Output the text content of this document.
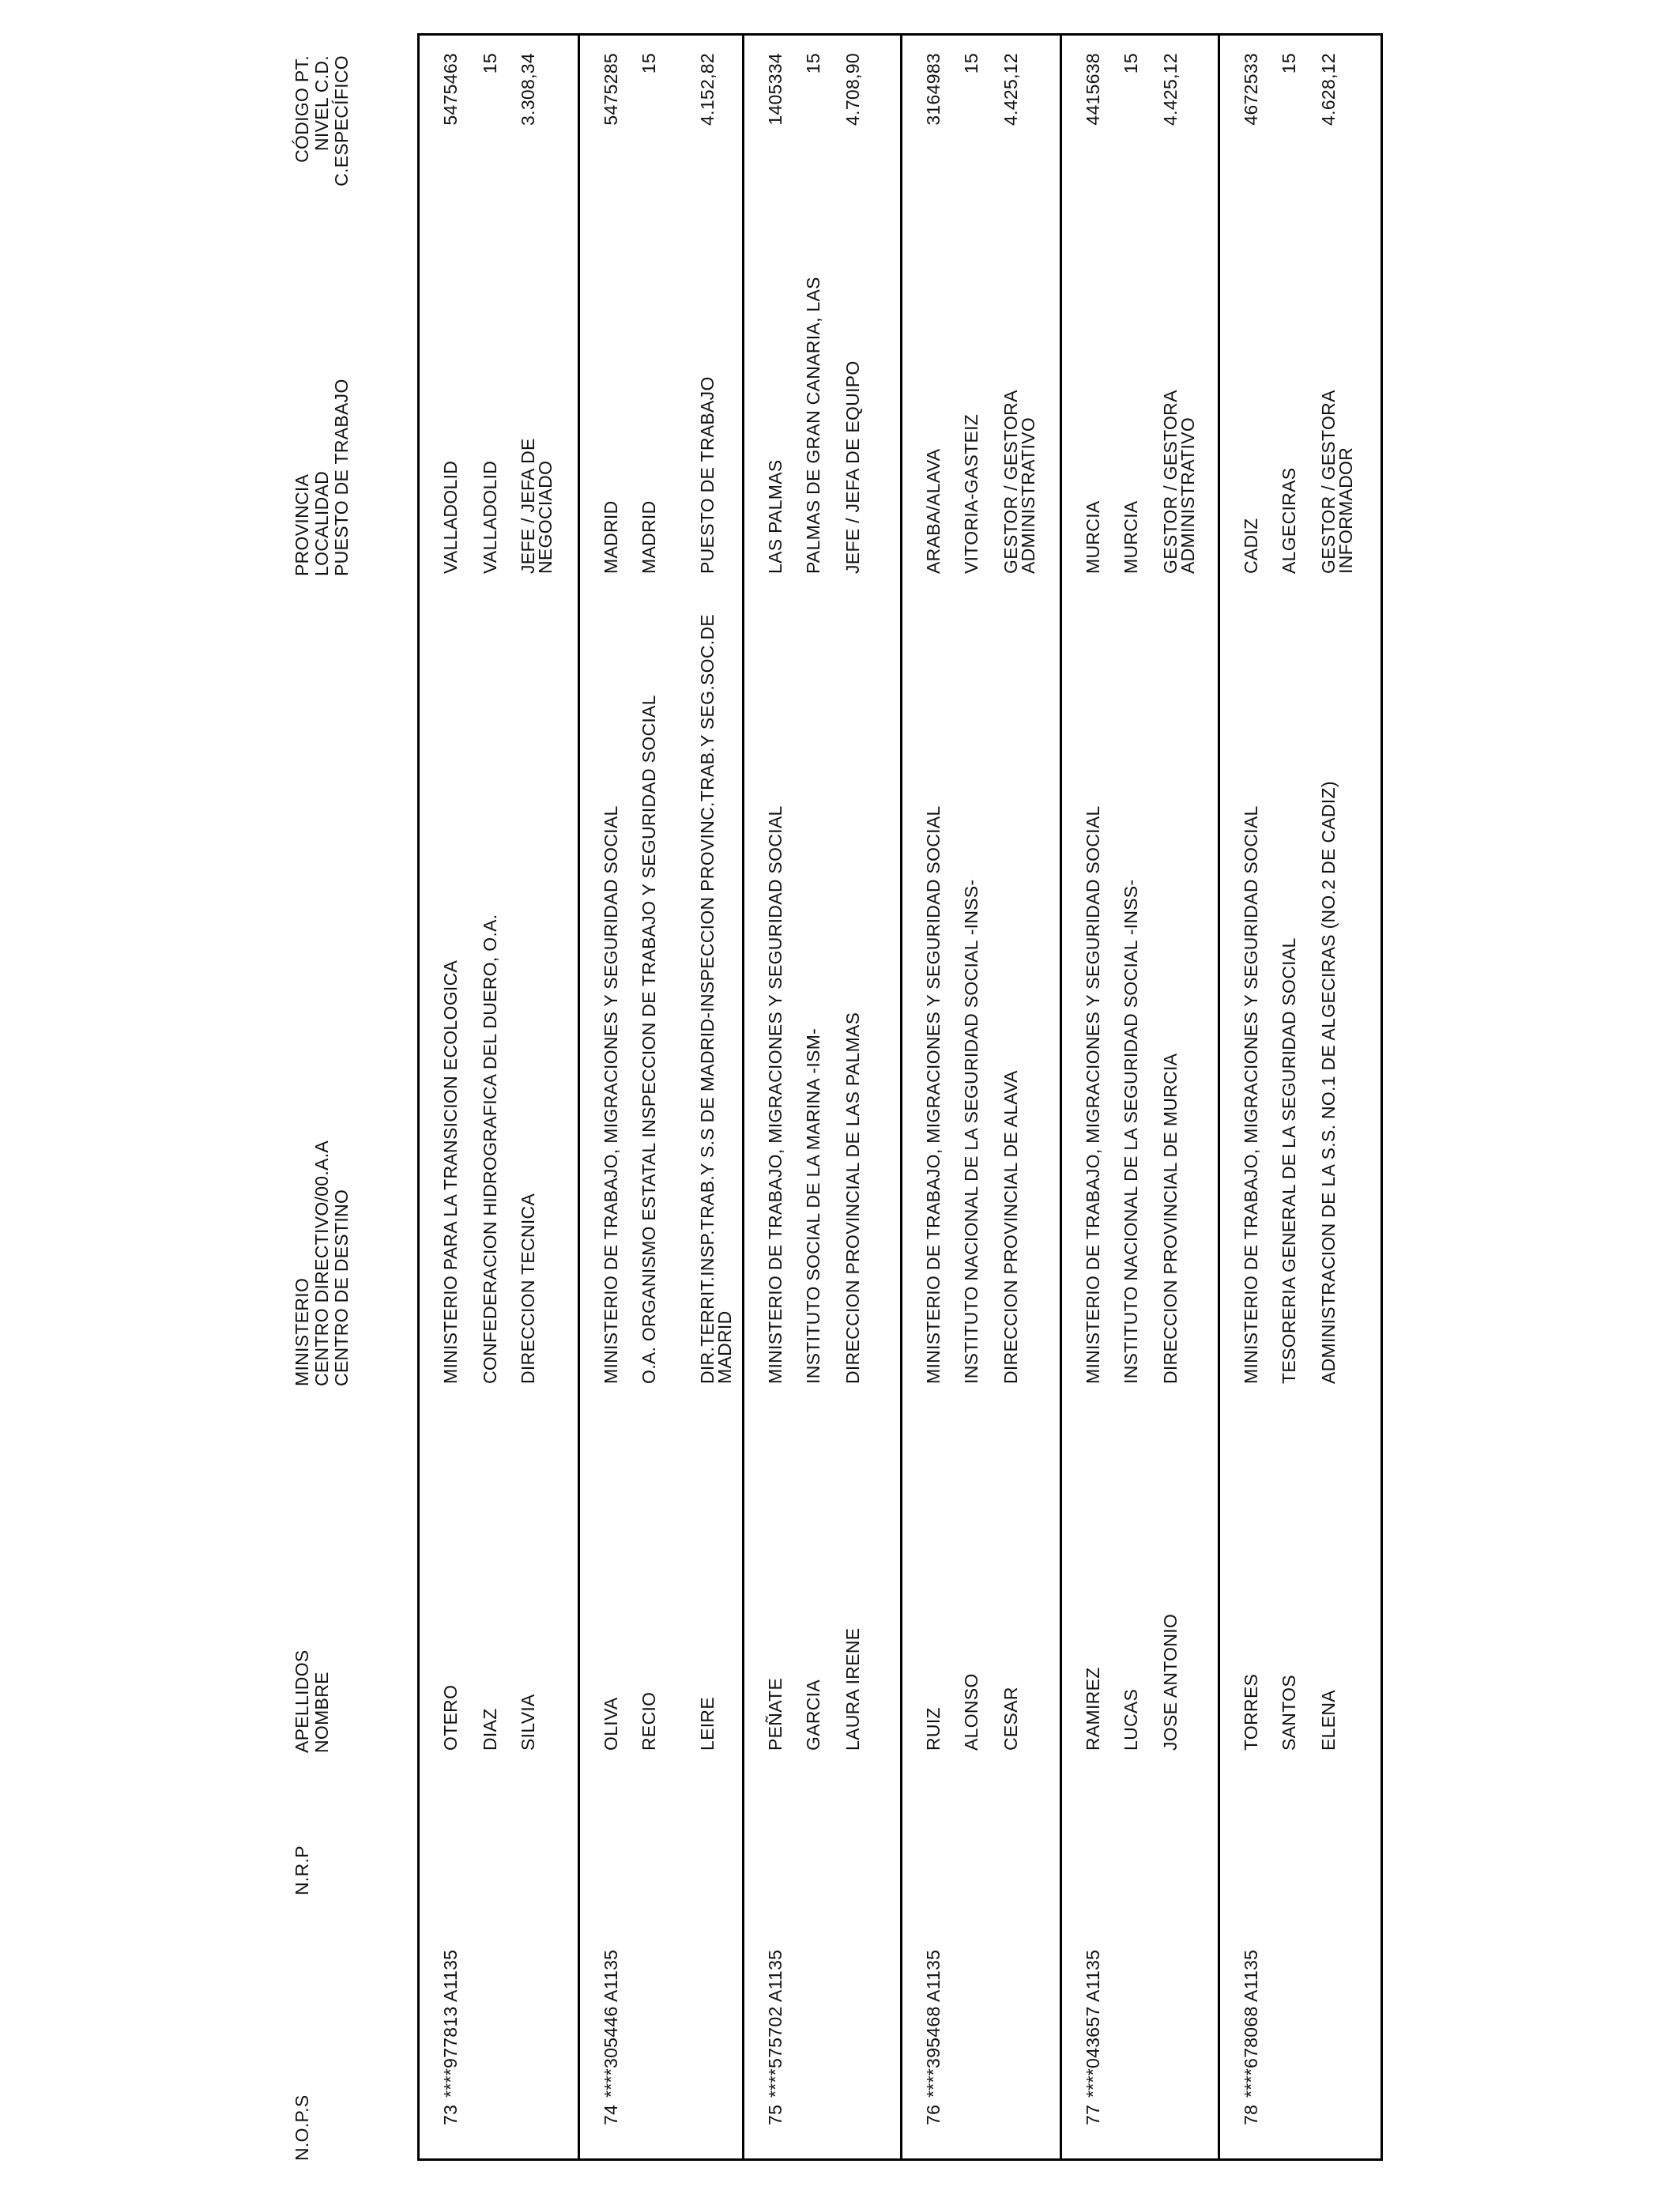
N.O.P.S
N.R.P
APELLIDOS NOMBRE
MINISTERIO CENTRO DIRECTIVO/00.A.A CENTRO DE DESTINO
PROVINCIA LOCALIDAD PUESTO DE TRABAJO
CÓDIGO PT. NIVEL C.D. C.ESPECÍFICO
73
****977813 A1135
OTERO DIAZ SILVIA
MINISTERIO PARA LA TRANSICION ECOLOGICA CONFEDERACION HIDROGRAFICA DEL DUERO, O.A. DIRECCION TECNICA
VALLADOLID VALLADOLID JEFE / JEFA DE NEGOCIADO
5475463 15 3.308,34
74
****305446 A1135
OLIVA RECIO LEIRE
MINISTERIO DE TRABAJO, MIGRACIONES Y SEGURIDAD SOCIAL O.A. ORGANISMO ESTATAL INSPECCION DE TRABAJO Y SEGURIDAD SOCIAL DIR.TERRIT.INSP.TRAB.Y S.S DE MADRID-INSPECCION PROVINC.TRAB.Y SEG.SOC.DE MADRID
MADRID MADRID PUESTO DE TRABAJO
5475285 15 4.152,82
75
****575702 A1135
PEÑATE GARCIA LAURA IRENE
MINISTERIO DE TRABAJO, MIGRACIONES Y SEGURIDAD SOCIAL INSTITUTO SOCIAL DE LA MARINA -ISM- DIRECCION PROVINCIAL DE LAS PALMAS
LAS PALMAS PALMAS DE GRAN CANARIA, LAS JEFE / JEFA DE EQUIPO
1405334 15 4.708,90
76
****395468 A1135
RUIZ ALONSO CESAR
MINISTERIO DE TRABAJO, MIGRACIONES Y SEGURIDAD SOCIAL INSTITUTO NACIONAL DE LA SEGURIDAD SOCIAL -INSS- DIRECCION PROVINCIAL DE ALAVA
ARABA/ALAVA VITORIA-GASTEIZ GESTOR / GESTORA ADMINISTRATIVO
3164983 15 4.425,12
77
****043657 A1135
RAMIREZ LUCAS JOSE ANTONIO
MINISTERIO DE TRABAJO, MIGRACIONES Y SEGURIDAD SOCIAL INSTITUTO NACIONAL DE LA SEGURIDAD SOCIAL -INSS- DIRECCION PROVINCIAL DE MURCIA
MURCIA MURCIA GESTOR / GESTORA ADMINISTRATIVO
4415638 15 4.425,12
78
****678068 A1135
TORRES SANTOS ELENA
MINISTERIO DE TRABAJO, MIGRACIONES Y SEGURIDAD SOCIAL TESORERIA GENERAL DE LA SEGURIDAD SOCIAL ADMINISTRACION DE LA S.S. NO.1 DE ALGECIRAS (NO.2 DE CADIZ)
CADIZ ALGECIRAS GESTOR / GESTORA INFORMADOR
4672533 15 4.628,12
